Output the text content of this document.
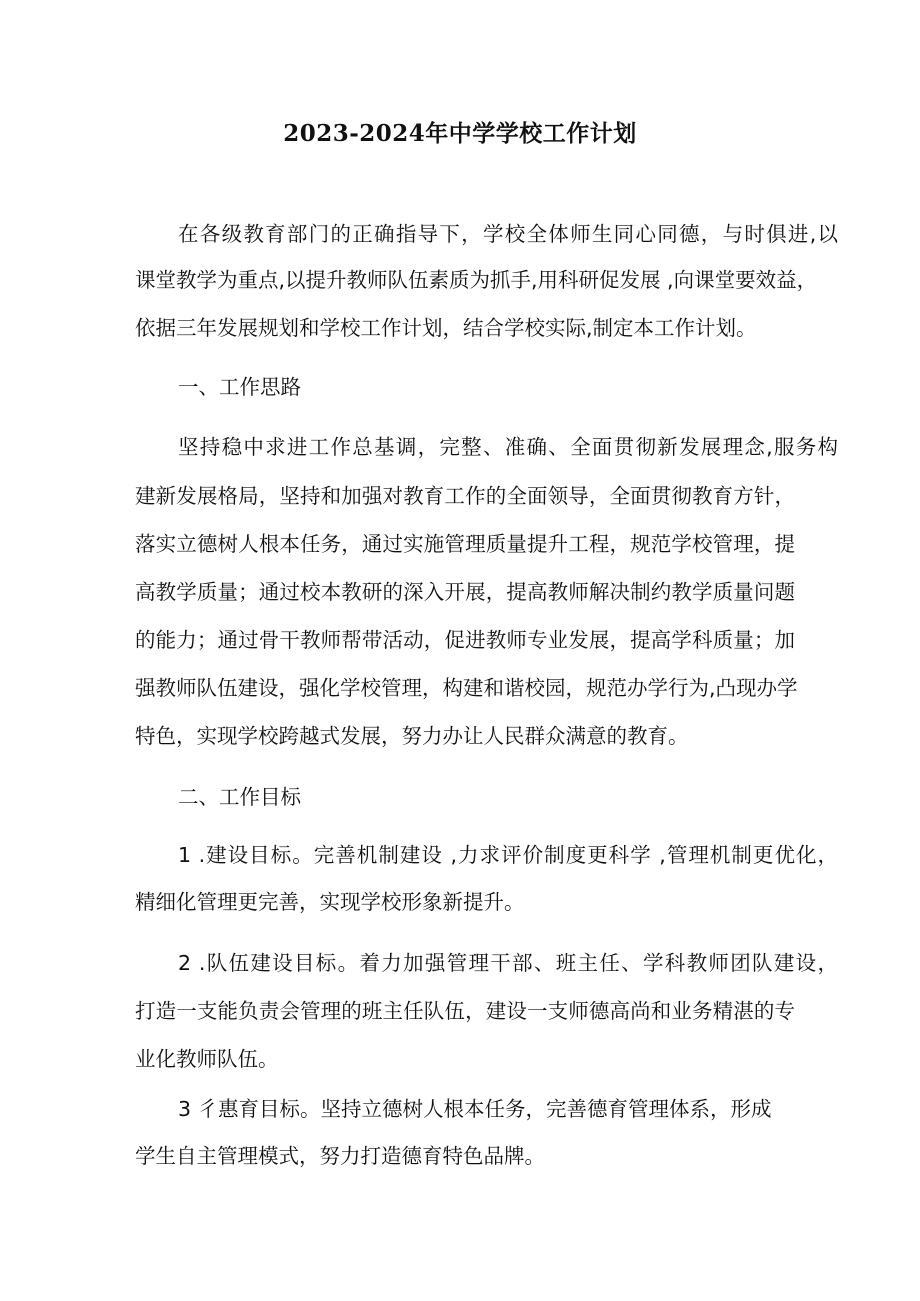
2023-2024年中学学校工作计划

在各级教育部门的正确指导下，学校全体师生同心同德，与时俱进,以

课堂教学为重点,以提升教师队伍素质为抓手,用科研促发展 ,向课堂要效益，

依据三年发展规划和学校工作计划，结合学校实际,制定本工作计划。

一、工作思路

坚持稳中求进工作总基调，完整、准确、全面贯彻新发展理念,服务构

建新发展格局，坚持和加强对教育工作的全面领导，全面贯彻教育方针，

落实立德树人根本任务，通过实施管理质量提升工程，规范学校管理，提

高教学质量；通过校本教研的深入开展，提高教师解决制约教学质量问题

的能力；通过骨干教师帮带活动，促进教师专业发展，提高学科质量；加

强教师队伍建设，强化学校管理，构建和谐校园，规范办学行为,凸现办学

特色，实现学校跨越式发展，努力办让人民群众满意的教育。

二、工作目标

1 .建设目标。完善机制建设 ,力求评价制度更科学 ,管理机制更优化，

精细化管理更完善，实现学校形象新提升。

2 .队伍建设目标。着力加强管理干部、班主任、学科教师团队建设，

打造一支能负责会管理的班主任队伍，建设一支师德高尚和业务精湛的专

业化教师队伍。

3 彳惠育目标。坚持立德树人根本任务，完善德育管理体系，形成

学生自主管理模式，努力打造德育特色品牌。
